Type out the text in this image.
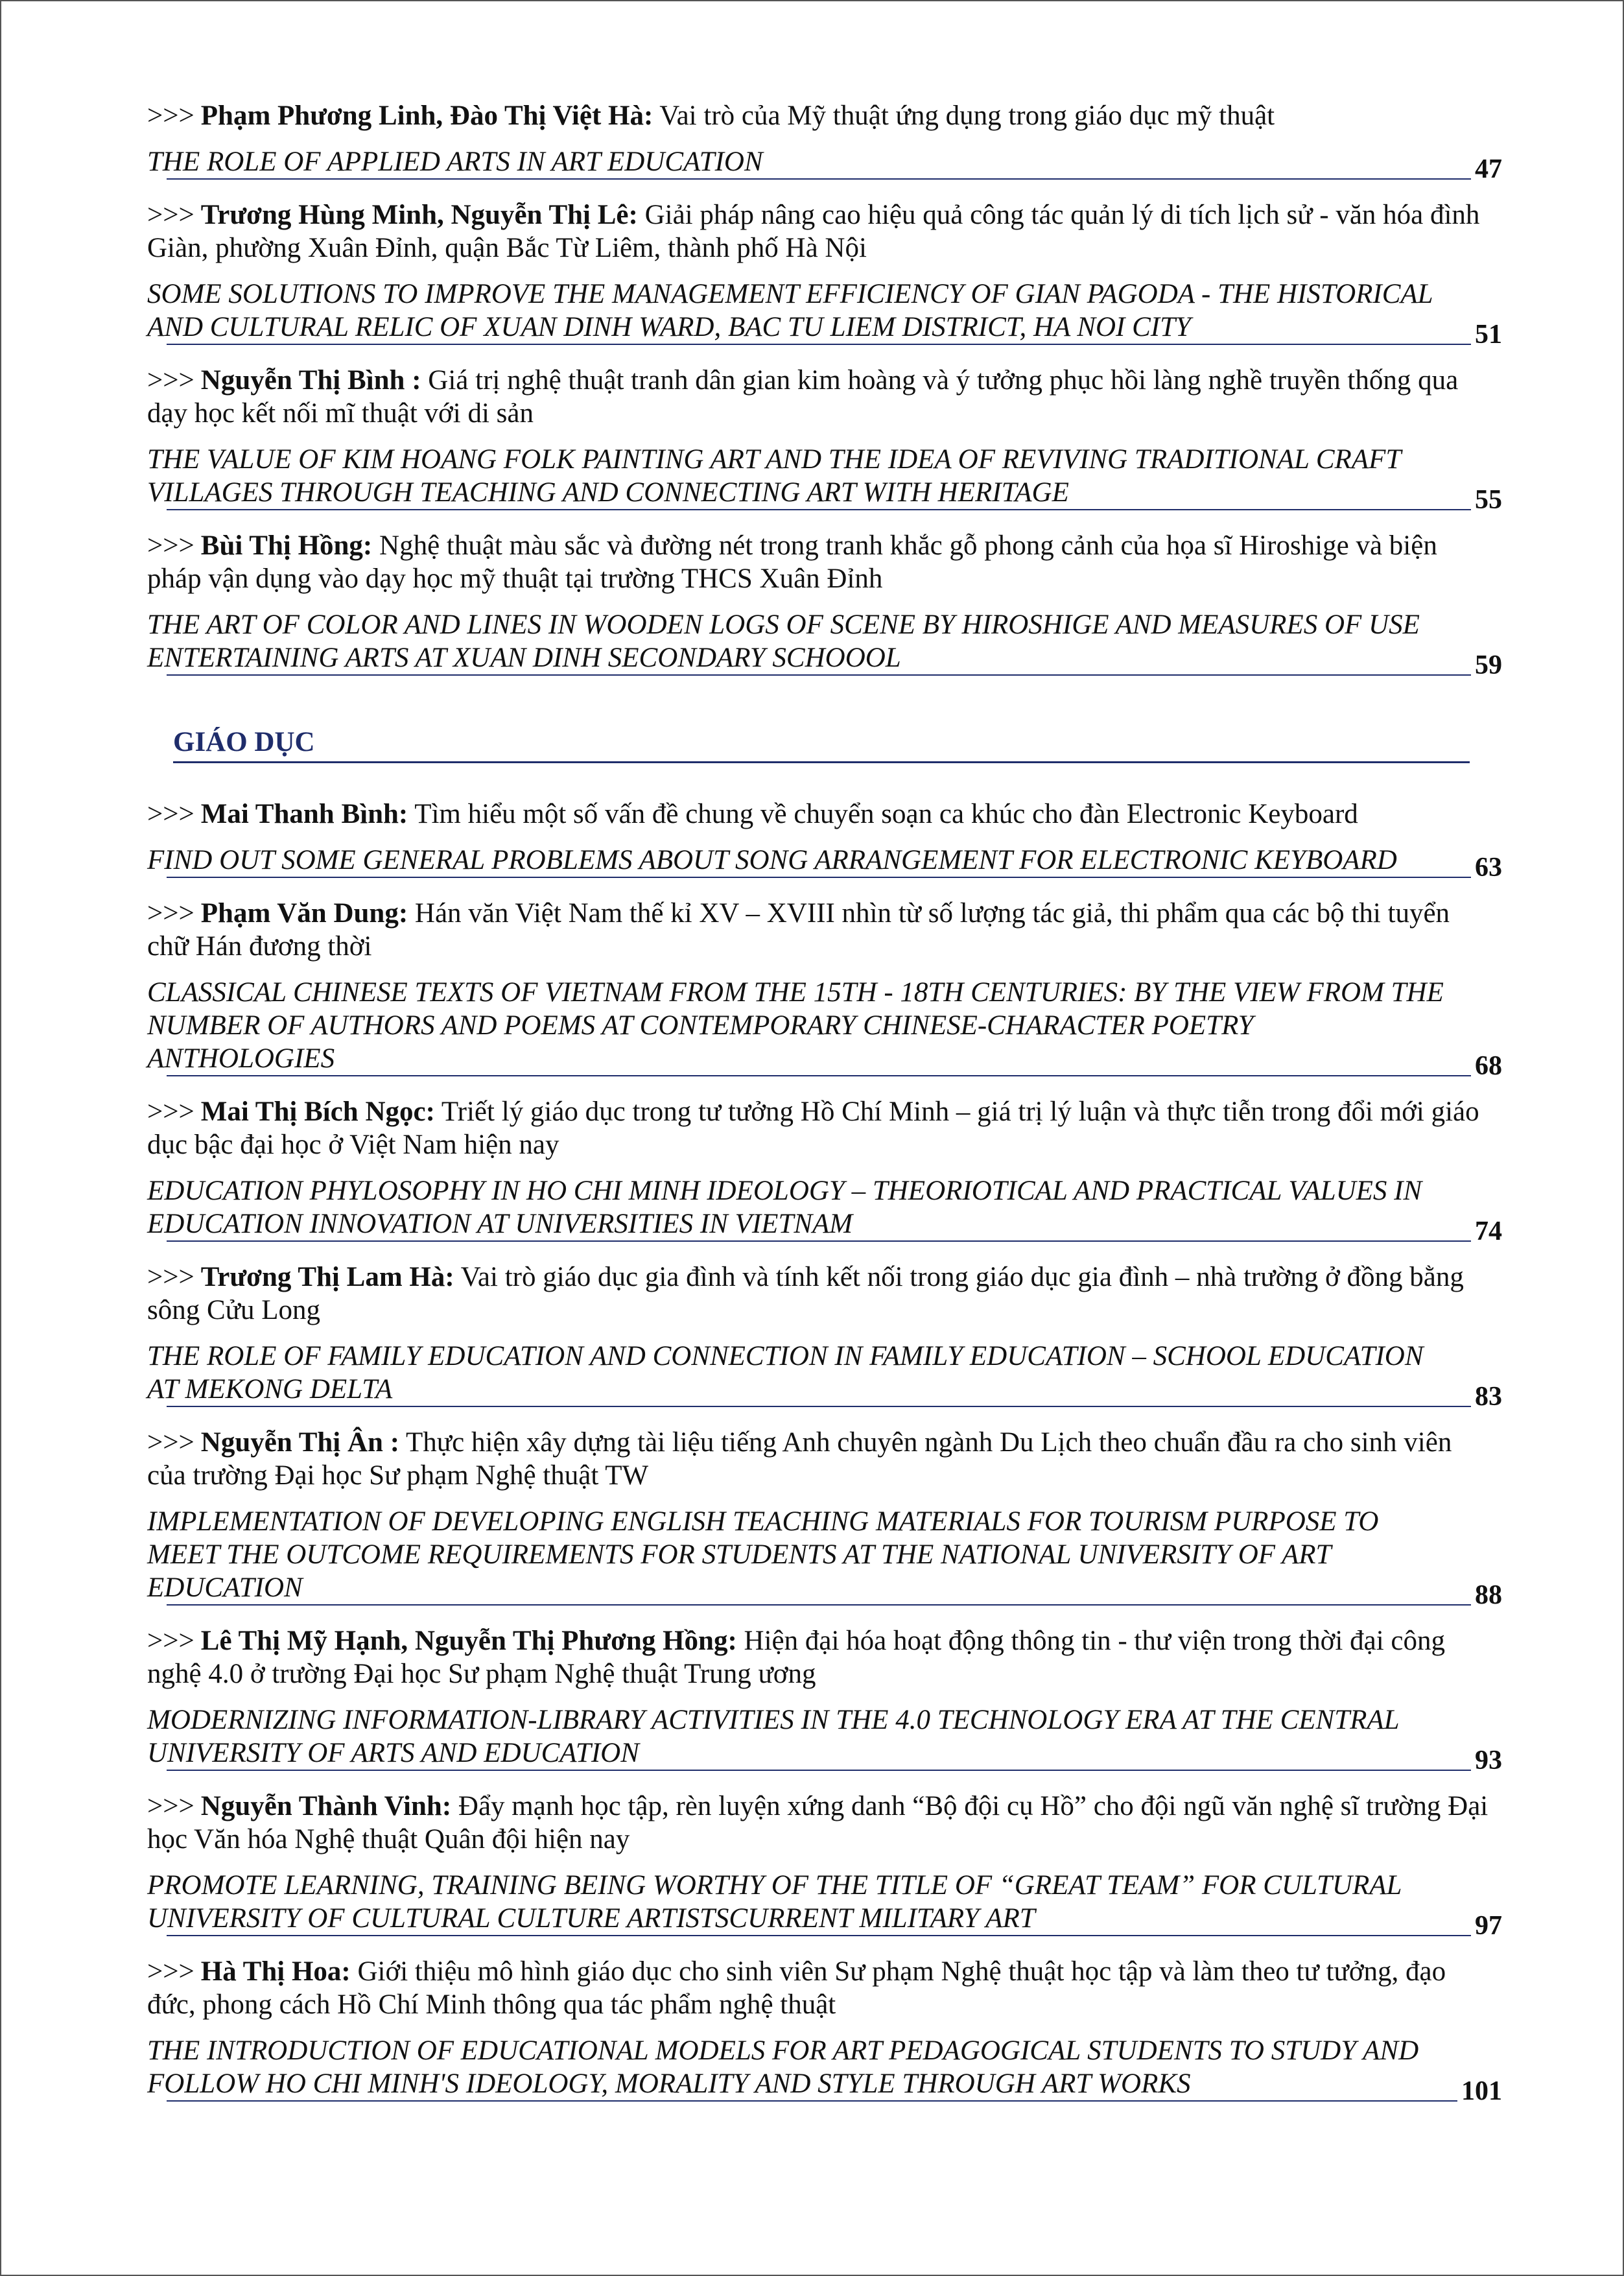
>>> Phạm Phương Linh, Đào Thị Việt Hà: Vai trò của Mỹ thuật ứng dụng trong giáo dục mỹ thuật
THE ROLE OF APPLIED ARTS IN ART EDUCATION	47
>>> Trương Hùng Minh, Nguyễn Thị Lê: Giải pháp nâng cao hiệu quả công tác quản lý di tích lịch sử - văn hóa đình Giàn, phường Xuân Đỉnh, quận Bắc Từ Liêm, thành phố Hà Nội
SOME SOLUTIONS TO IMPROVE THE MANAGEMENT EFFICIENCY OF GIAN PAGODA - THE HISTORICAL AND CULTURAL RELIC OF XUAN DINH WARD, BAC TU LIEM DISTRICT, HA NOI CITY	51
>>> Nguyễn Thị Bình : Giá trị nghệ thuật tranh dân gian kim hoàng và ý tưởng phục hồi làng nghề truyền thống qua dạy học kết nối mĩ thuật với di sản
THE VALUE OF KIM HOANG FOLK PAINTING ART AND THE IDEA OF REVIVING TRADITIONAL CRAFT VILLAGES THROUGH TEACHING AND CONNECTING ART WITH HERITAGE	55
>>> Bùi Thị Hồng: Nghệ thuật màu sắc và đường nét trong tranh khắc gỗ phong cảnh của họa sĩ Hiroshige và biện pháp vận dụng vào dạy học mỹ thuật tại trường THCS Xuân Đỉnh
THE ART OF COLOR AND LINES IN WOODEN LOGS OF SCENE BY HIROSHIGE AND MEASURES OF USE ENTERTAINING ARTS AT XUAN DINH SECONDARY SCHOOOL	59
GIÁO DỤC
>>> Mai Thanh Bình: Tìm hiểu một số vấn đề chung về chuyển soạn ca khúc cho đàn Electronic Keyboard
FIND OUT SOME GENERAL PROBLEMS ABOUT SONG ARRANGEMENT FOR ELECTRONIC KEYBOARD	63
>>> Phạm Văn Dung: Hán văn Việt Nam thế kỉ XV – XVIII nhìn từ số lượng tác giả, thi phẩm qua các bộ thi tuyển chữ Hán đương thời
CLASSICAL CHINESE TEXTS OF VIETNAM FROM THE 15TH - 18TH CENTURIES: BY THE VIEW FROM THE NUMBER OF AUTHORS AND POEMS AT CONTEMPORARY CHINESE-CHARACTER POETRY ANTHOLOGIES	68
>>> Mai Thị Bích Ngọc: Triết lý giáo dục trong tư tưởng Hồ Chí Minh – giá trị lý luận và thực tiễn trong đổi mới giáo dục bậc đại học ở Việt Nam hiện nay
EDUCATION PHYLOSOPHY IN HO CHI MINH IDEOLOGY – THEORIOTICAL AND PRACTICAL VALUES IN EDUCATION INNOVATION AT UNIVERSITIES IN VIETNAM	74
>>> Trương Thị Lam Hà: Vai trò giáo dục gia đình và tính kết nối trong giáo dục gia đình – nhà trường ở đồng bằng sông Cửu Long
THE ROLE OF FAMILY EDUCATION AND CONNECTION IN FAMILY EDUCATION – SCHOOL EDUCATION AT MEKONG DELTA	83
>>> Nguyễn Thị Ân : Thực hiện xây dựng tài liệu tiếng Anh chuyên ngành Du Lịch theo chuẩn đầu ra cho sinh viên của trường Đại học Sư phạm Nghệ thuật TW
IMPLEMENTATION OF DEVELOPING ENGLISH TEACHING MATERIALS FOR TOURISM PURPOSE TO MEET THE OUTCOME REQUIREMENTS FOR STUDENTS AT THE NATIONAL UNIVERSITY OF ART EDUCATION	88
>>> Lê Thị Mỹ Hạnh, Nguyễn Thị Phương Hồng: Hiện đại hóa hoạt động thông tin - thư viện trong thời đại công nghệ 4.0 ở trường Đại học Sư phạm Nghệ thuật Trung ương
MODERNIZING INFORMATION-LIBRARY ACTIVITIES IN THE 4.0 TECHNOLOGY ERA AT THE CENTRAL UNIVERSITY OF ARTS AND EDUCATION	93
>>> Nguyễn Thành Vinh: Đẩy mạnh học tập, rèn luyện xứng danh “Bộ đội cụ Hồ” cho đội ngũ văn nghệ sĩ trường Đại học Văn hóa Nghệ thuật Quân đội hiện nay
PROMOTE LEARNING, TRAINING BEING WORTHY OF THE TITLE OF “GREAT TEAM” FOR CULTURAL UNIVERSITY OF CULTURAL CULTURE ARTISTSCURRENT MILITARY ART	97
>>> Hà Thị Hoa: Giới thiệu mô hình giáo dục cho sinh viên Sư phạm Nghệ thuật học tập và làm theo tư tưởng, đạo đức, phong cách Hồ Chí Minh thông qua tác phẩm nghệ thuật
THE INTRODUCTION OF EDUCATIONAL MODELS FOR ART PEDAGOGICAL STUDENTS TO STUDY AND FOLLOW HO CHI MINH'S IDEOLOGY, MORALITY AND STYLE THROUGH ART WORKS	101
